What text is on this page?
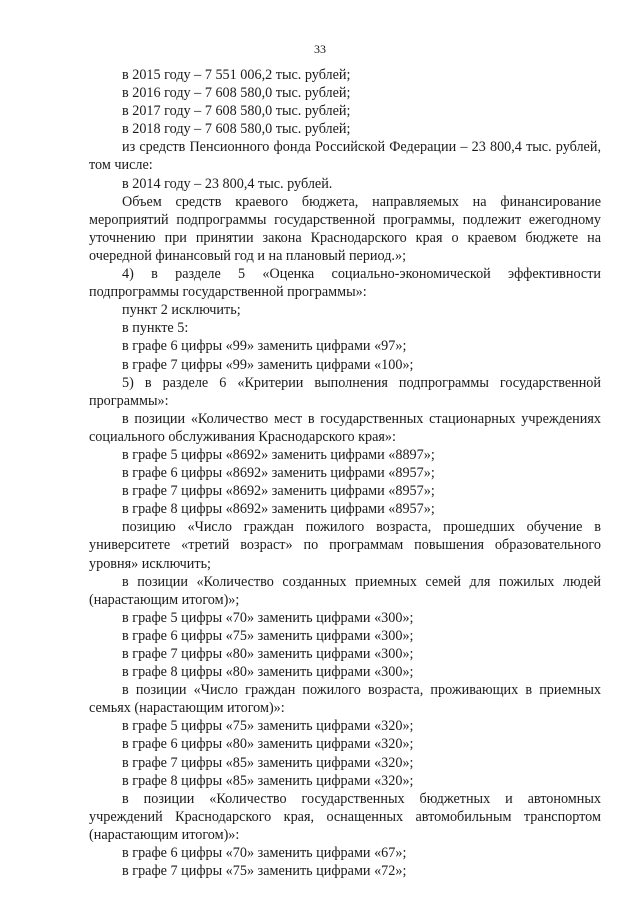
33

в 2015 году – 7 551 006,2 тыс. рублей;

в 2016 году – 7 608 580,0 тыс. рублей;

в 2017 году – 7 608 580,0 тыс. рублей;

в 2018 году – 7 608 580,0 тыс. рублей;

из средств Пенсионного фонда Российской Федерации – 23 800,4 тыс. рублей, том числе:

в 2014 году – 23 800,4 тыс. рублей.

Объем средств краевого бюджета, направляемых на финансирование мероприятий подпрограммы государственной программы, подлежит ежегодному уточнению при принятии закона Краснодарского края о краевом бюджете на очередной финансовый год и на плановый период.»;

4) в разделе 5 «Оценка социально-экономической эффективности подпрограммы государственной программы»:

пункт 2 исключить;

в пункте 5:

в графе 6 цифры «99» заменить цифрами «97»;

в графе 7 цифры «99» заменить цифрами «100»;

5) в разделе 6 «Критерии выполнения подпрограммы государственной программы»:

в позиции «Количество мест в государственных стационарных учреждениях социального обслуживания Краснодарского края»:

в графе 5 цифры «8692» заменить цифрами «8897»;

в графе 6 цифры «8692» заменить цифрами «8957»;

в графе 7 цифры «8692» заменить цифрами «8957»;

в графе 8 цифры «8692» заменить цифрами «8957»;

позицию «Число граждан пожилого возраста, прошедших обучение в университете «третий возраст» по программам повышения образовательного уровня» исключить;

в позиции «Количество созданных приемных семей для пожилых людей (нарастающим итогом)»;

в графе 5 цифры «70» заменить цифрами «300»;

в графе 6 цифры «75» заменить цифрами «300»;

в графе 7 цифры «80» заменить цифрами «300»;

в графе 8 цифры «80» заменить цифрами «300»;

в позиции «Число граждан пожилого возраста, проживающих в приемных семьях (нарастающим итогом)»:

в графе 5 цифры «75» заменить цифрами «320»;

в графе 6 цифры «80» заменить цифрами «320»;

в графе 7 цифры «85» заменить цифрами «320»;

в графе 8 цифры «85» заменить цифрами «320»;

в позиции «Количество государственных бюджетных и автономных учреждений Краснодарского края, оснащенных автомобильным транспортом (нарастающим итогом)»:

в графе 6 цифры «70» заменить цифрами «67»;

в графе 7 цифры «75» заменить цифрами «72»;
